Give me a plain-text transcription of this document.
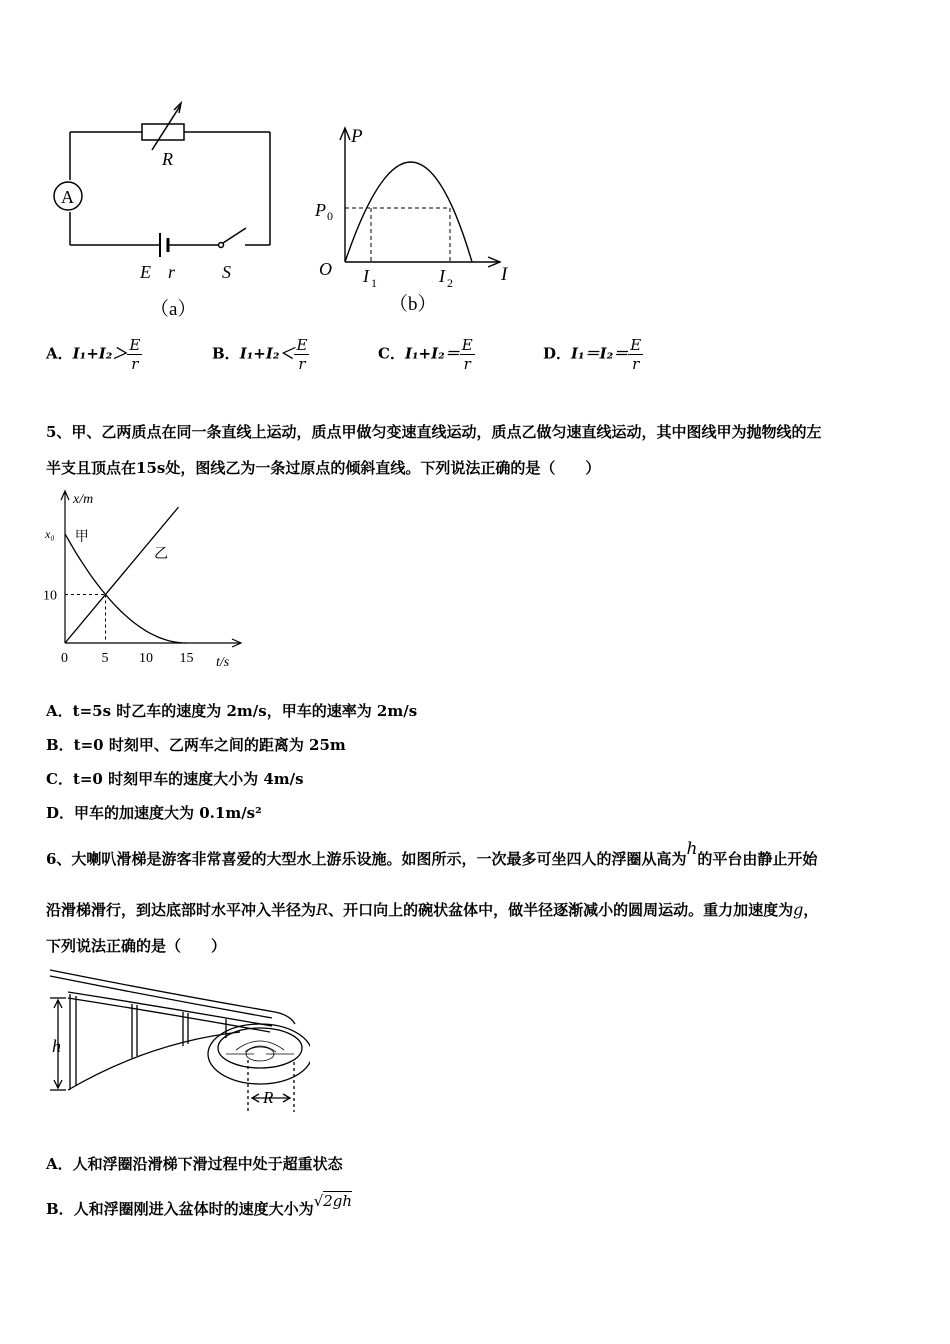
A
R
E r	S
（a）
P
I
O
P 0
I 1	I 2
（b）
A．$I_1+I_2> \frac{E}{r}$	B．$I_1+I_2< \frac{E}{r}$	C．$I_1+I_2= \frac{E}{r}$	D．$I_1=I_2= \frac{E}{r}$
5、甲、乙两质点在同一条直线上运动，质点甲做匀变速直线运动，质点乙做匀速直线运动，其中图线甲为抛物线的左
半支且顶点在15s处，图线乙为一条过原点的倾斜直线。下列说法正确的是（　　）
x/m
t/s
0 5 10 15
10
x₀ 甲
乙
A．t=5s 时乙车的速度为 2m/s，甲车的速率为 2m/s
B．t=0 时刻甲、乙两车之间的距离为 25m
C．t=0 时刻甲车的速度大小为 4m/s
D．甲车的加速度大为 0.1m/s²
6、大喇叭滑梯是游客非常喜爱的大型水上游乐设施。如图所示，一次最多可坐四人的浮圈从高为h的平台由静止开始
沿滑梯滑行，到达底部时水平冲入半径为R、开口向上的碗状盆体中，做半径逐渐减小的圆周运动。重力加速度为g，
下列说法正确的是（　　）
h
R
A．人和浮圈沿滑梯下滑过程中处于超重状态
B．人和浮圈刚进入盆体时的速度大小为√2gh
